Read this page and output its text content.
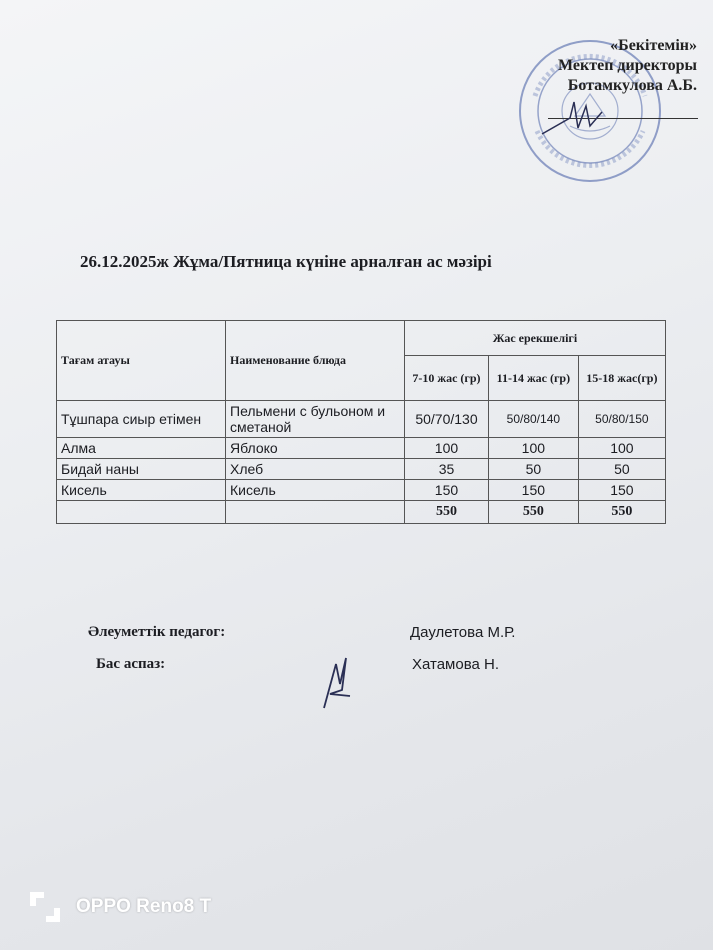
«Бекітемін»
Мектеп директоры
Ботамкулова А.Б.
26.12.2025ж Жұма/Пятница күніне арналған ас мәзірі
Тағам атауы	Наименование блюда	Жас ерекшелігі		
		7-10 жас (гр)	11-14 жас (гр)	15-18 жас(гр)
Тұшпара сиыр етімен	Пельмени с бульоном и сметаной	50/70/130	50/80/140	50/80/150
Алма	Яблоко	100	100	100
Бидай наны	Хлеб	35	50	50
Кисель	Кисель	150	150	150
		550	550	550
Әлеуметтік педагог:	Даулетова М.Р.
Бас аспаз:	Хатамова Н.
OPPO Reno8 T
